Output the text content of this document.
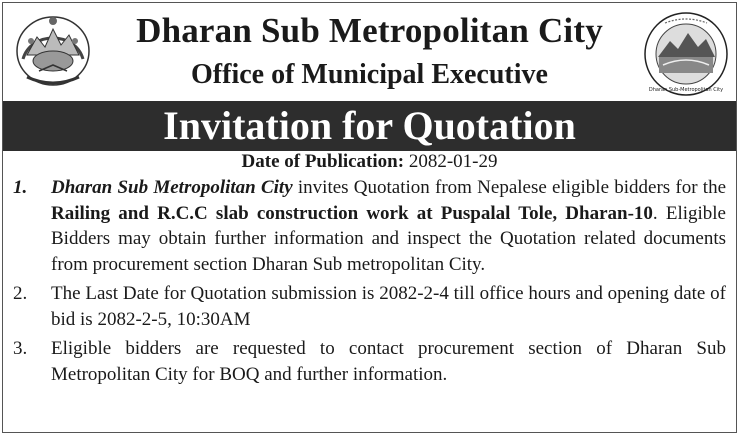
Dharan Sub Metropolitan City
Office of Municipal Executive	Dharan Sub-Metropolitan City
Invitation for Quotation
Date of Publication: 2082-01-29
1. Dharan Sub Metropolitan City invites Quotation from Nepalese eligible bidders for the Railing and R.C.C slab construction work at Puspalal Tole, Dharan-10. Eligible Bidders may obtain further information and inspect the Quotation related documents from procurement section Dharan Sub metropolitan City.
2. The Last Date for Quotation submission is 2082-2-4 till office hours and opening date of bid is 2082-2-5, 10:30AM
3. Eligible bidders are requested to contact procurement section of Dharan Sub Metropolitan City for BOQ and further information.
